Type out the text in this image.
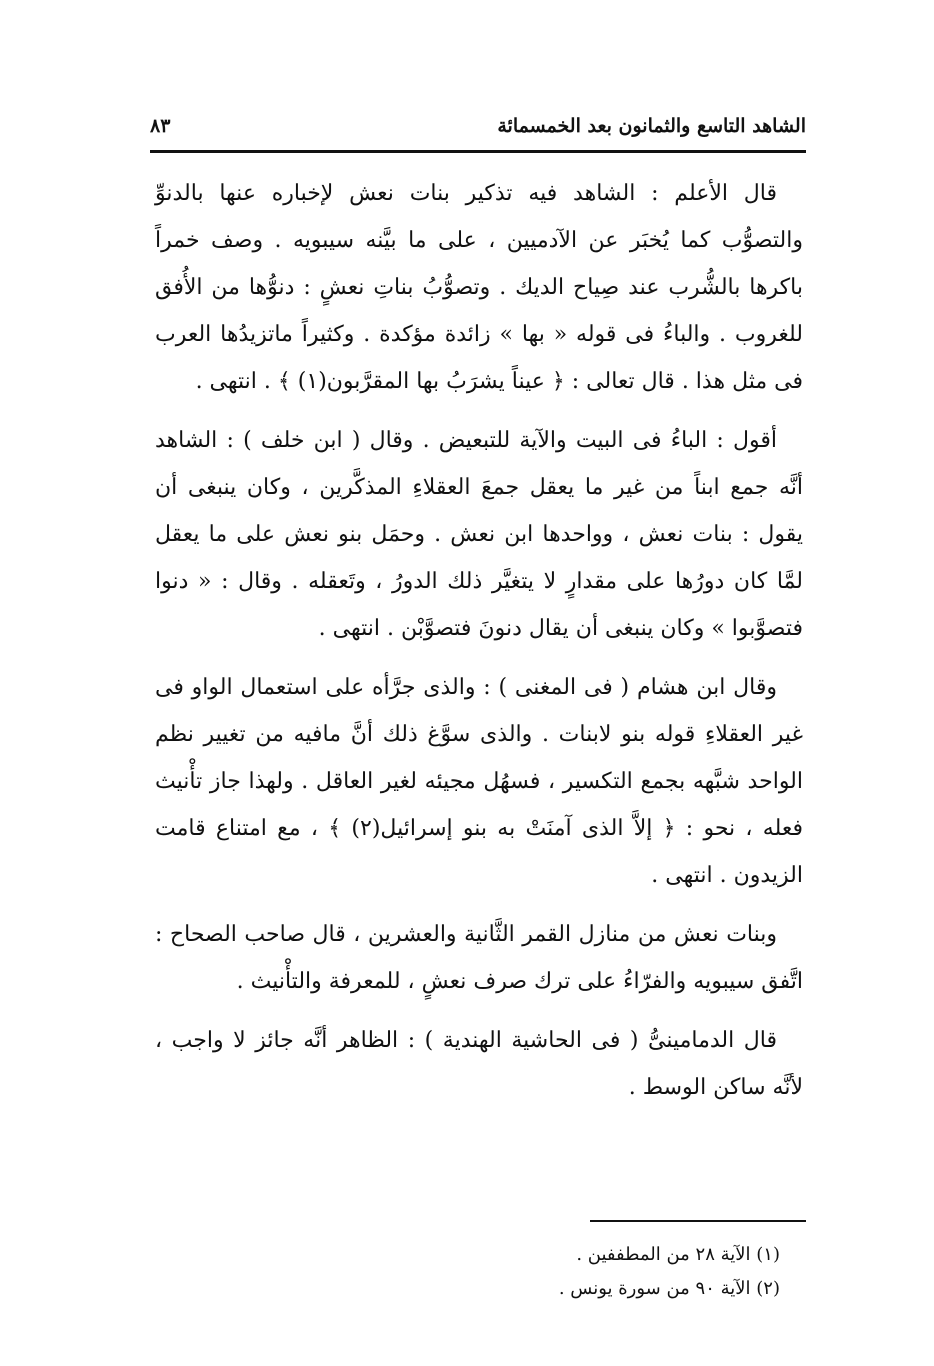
الشاهد التاسع والثمانون بعد الخمسمائة
٨٣

قال الأعلم : الشاهد فيه تذكير بنات نعش لإخباره عنها بالدنوِّ والتصوُّب كما يُخبَر عن الآدميين ، على ما بيَّنه سيبويه . وصف خمراً باكرها بالشُّرب عند صِياح الديك . وتصوُّبُ بناتِ نعشٍ : دنوُّها من الأُفق للغروب . والباءُ فى قوله « بها » زائدة مؤكدة . وكثيراً ماتزيدُها العرب فى مثل هذا . قال تعالى : ﴿ عيناً يشرَبُ بها المقرَّبون(١) ﴾ . انتهى .

أقول : الباءُ فى البيت والآية للتبعيض . وقال ( ابن خلف ) : الشاهد أنَّه جمع ابناً من غير ما يعقل جمعَ العقلاءِ المذكَّرين ، وكان ينبغى أن يقول : بنات نعش ، وواحدها ابن نعش . وحمَل بنو نعش على ما يعقل لمَّا كان دورُها على مقدارٍ لا يتغيَّر ذلك الدورُ ، وتَعقله . وقال : « دنوا فتصوَّبوا » وكان ينبغى أن يقال دنونَ فتصوَّبْن . انتهى .

وقال ابن هشام ( فى المغنى ) : والذى جرَّأه على استعمال الواو فى غير العقلاءِ قوله بنو لابنات . والذى سوَّغ ذلك أنَّ مافيه من تغيير نظم الواحد شبَّهه بجمع التكسير ، فسهُل مجيئه لغير العاقل . ولهذا جاز تأْنيث فعله ، نحو : ﴿ إلاَّ الذى آمنَتْ به بنو إسرائيل(٢) ﴾ ، مع امتناع قامت الزيدون . انتهى .

وبنات نعش من منازل القمر الثَّانية والعشرين ، قال صاحب الصحاح : اتَّفق سيبويه والفرّاءُ على ترك صرف نعشٍ ، للمعرفة والتأْنيث .

قال الدمامينىُّ ( فى الحاشية الهندية ) : الظاهر أنَّه جائز لا واجب ، لأنَّه ساكن الوسط .

(١) الآية ٢٨ من المطففين .

(٢) الآية ٩٠ من سورة يونس .
